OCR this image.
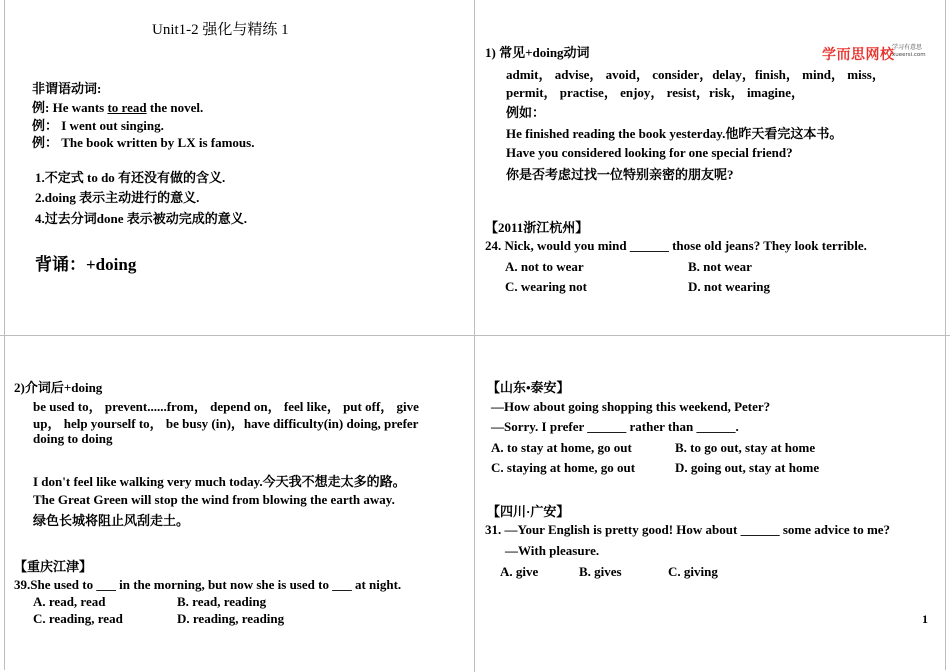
Unit1-2 强化与精练 1
非谓语动词:
例: He wants to read the novel.
例： I went out singing.
例： The book written by LX is famous.
1.不定式 to do 有还没有做的含义.
2.doing 表示主动进行的意义.
4.过去分词done 表示被动完成的意义.
背诵：+doing
学而思网校
学习有意思
xueersi.com
1) 常见+doing动词
admit， advise， avoid， consider，delay，finish， mind， miss，
permit， practise， enjoy， resist，risk， imagine，
例如：
He finished reading the book yesterday.他昨天看完这本书。
Have you considered looking for one special friend?
你是否考虑过找一位特别亲密的朋友呢?
【2011浙江杭州】
24. Nick, would you mind ______ those old jeans? They look terrible.
A. not to wear	B. not wear
C. wearing not	D. not wearing
2)介词后+doing
be used to， prevent......from， depend on， feel like， put off， give
up， help yourself to， be busy (in)，have difficulty(in) doing, prefer
doing to doing
I don't feel like walking very much today.今天我不想走太多的路。
The Great Green will stop the wind from blowing the earth away.
绿色长城将阻止风刮走土。
【重庆江津】
39.She used to ___ in the morning, but now she is used to ___ at night.
A. read, read	B. read, reading
C. reading, read	D. reading, reading
【山东•泰安】
—How about going shopping this weekend, Peter?
—Sorry. I prefer ______ rather than ______.
A. to stay at home, go out	B. to go out, stay at home
C. staying at home, go out	D. going out, stay at home
【四川·广安】
31. —Your English is pretty good! How about ______ some advice to me?
—With pleasure.
A. give	B. gives	C. giving
1
